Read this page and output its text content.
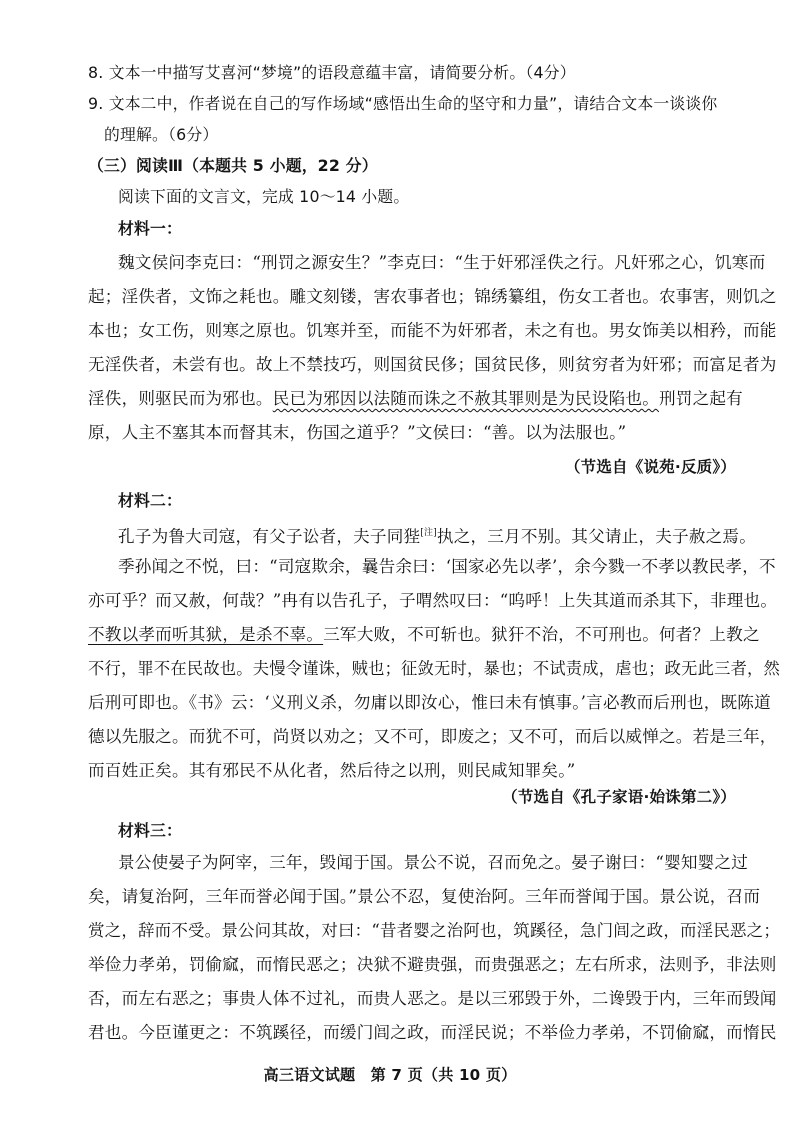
8. 文本一中描写艾喜河“梦境”的语段意蕴丰富，请简要分析。（4分）

9. 文本二中，作者说在自己的写作场域“感悟出生命的坚守和力量”，请结合文本一谈谈你

的理解。（6分）

（三）阅读Ⅲ（本题共 5 小题，22 分）

阅读下面的文言文，完成 10～14 小题。

材料一：

魏文侯问李克曰：“刑罚之源安生？”李克曰：“生于奸邪淫佚之行。凡奸邪之心，饥寒而

起；淫佚者，文饰之耗也。雕文刻镂，害农事者也；锦绣纂组，伤女工者也。农事害，则饥之

本也；女工伤，则寒之原也。饥寒并至，而能不为奸邪者，未之有也。男女饰美以相矜，而能

无淫佚者，未尝有也。故上不禁技巧，则国贫民侈；国贫民侈，则贫穷者为奸邪；而富足者为

淫佚，则驱民而为邪也。民已为邪因以法随而诛之不赦其罪则是为民设陷也。刑罚之起有

原，人主不塞其本而督其末，伤国之道乎？”文侯曰：“善。以为法服也。”

（节选自《说苑·反质》）

材料二：

孔子为鲁大司寇，有父子讼者，夫子同狴[注]执之，三月不别。其父请止，夫子赦之焉。

季孙闻之不悦，曰：“司寇欺余，曩告余曰：‘国家必先以孝’，余今戮一不孝以教民孝，不

亦可乎？而又赦，何哉？”冉有以告孔子，子喟然叹曰：“呜呼！上失其道而杀其下，非理也。

不教以孝而听其狱，是杀不辜。三军大败，不可斩也。狱犴不治，不可刑也。何者？上教之

不行，罪不在民故也。夫慢令谨诛，贼也；征敛无时，暴也；不试责成，虐也；政无此三者，然

后刑可即也。《书》云：‘义刑义杀，勿庸以即汝心，惟曰未有慎事。’言必教而后刑也，既陈道

德以先服之。而犹不可，尚贤以劝之；又不可，即废之；又不可，而后以威惮之。若是三年，

而百姓正矣。其有邪民不从化者，然后待之以刑，则民咸知罪矣。”

（节选自《孔子家语·始诛第二》）

材料三：

景公使晏子为阿宰，三年，毁闻于国。景公不说，召而免之。晏子谢曰：“婴知婴之过

矣，请复治阿，三年而誉必闻于国。”景公不忍，复使治阿。三年而誉闻于国。景公说，召而

赏之，辞而不受。景公问其故，对曰：“昔者婴之治阿也，筑蹊径，急门闾之政，而淫民恶之；

举俭力孝弟，罚偷窳，而惰民恶之；决狱不避贵强，而贵强恶之；左右所求，法则予，非法则

否，而左右恶之；事贵人体不过礼，而贵人恶之。是以三邪毁于外，二谗毁于内，三年而毁闻

君也。今臣谨更之：不筑蹊径，而缓门闾之政，而淫民说；不举俭力孝弟，不罚偷窳，而惰民

高三语文试题　第 7 页（共 10 页）
